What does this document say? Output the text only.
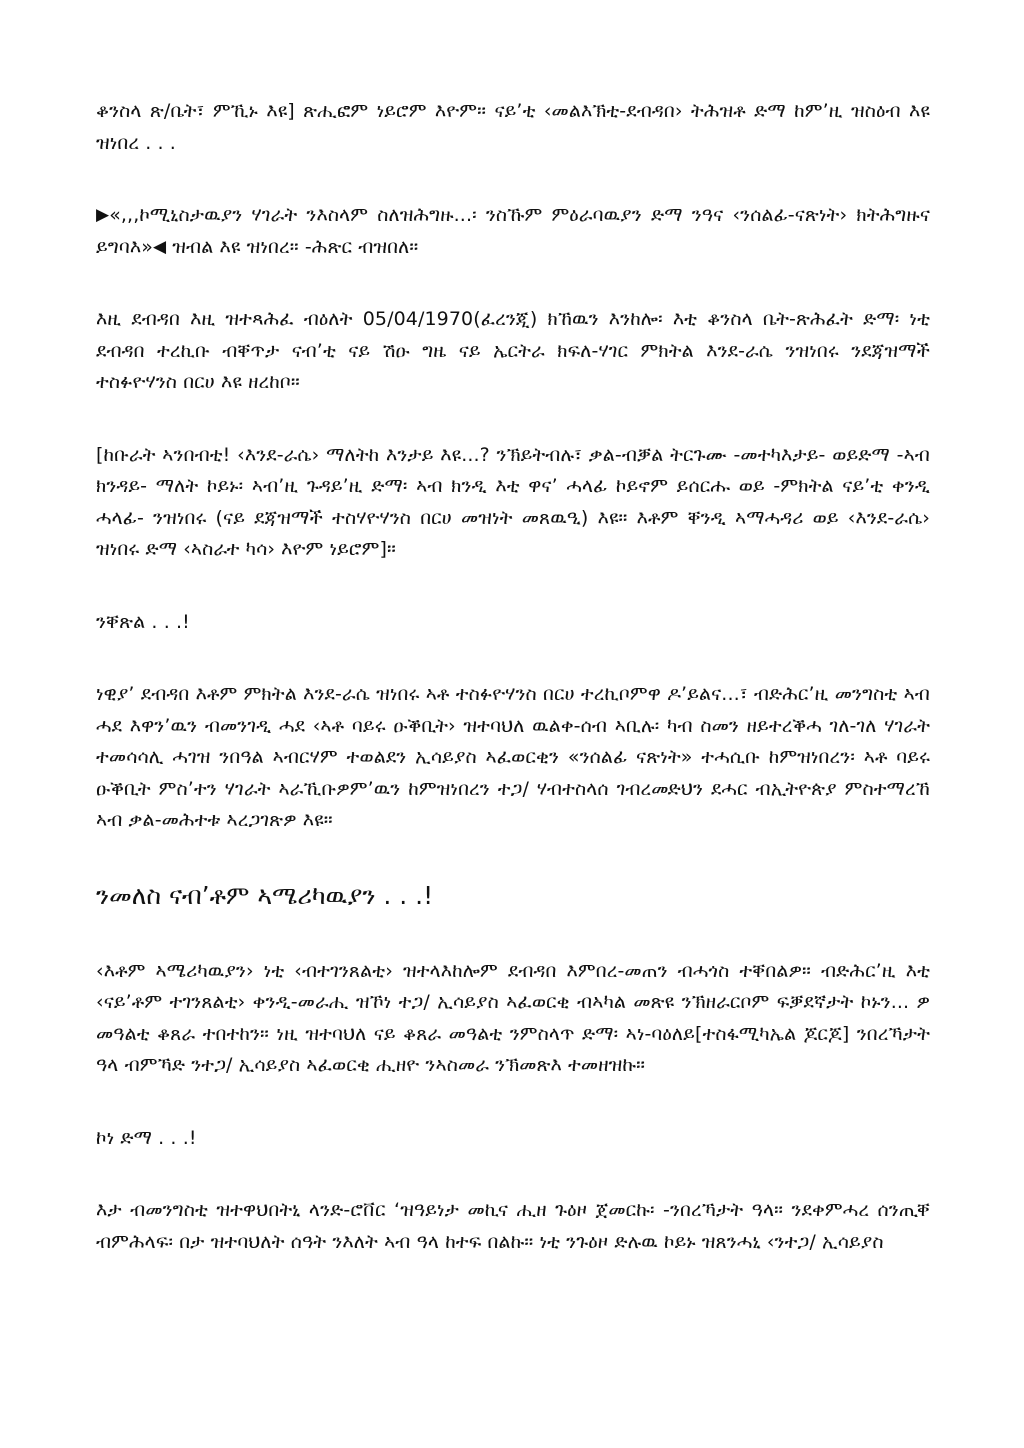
ቆንስላ ጽ/ቤት፣ ምኺኑ እዩ] ጽሒፎም ነይሮም እዮም። ናይ’ቲ ‹መልእኽቲ-ደብዳበ› ትሕዝቶ ድማ ከም’ዚ ዝስዕብ እዩ ዝነበረ . . .

▶«,,,ኮሚኒስታዉያን ሃገራት ንእስላም ስለዝሕግዙ...፡ ንስኹም ምዕራባዉያን ድማ ንዓና ‹ንሰልፊ-ናጽነት› ክትሕግዙና ይግባእ»◀ ዝብል እዩ ዝነበረ። -ሕጽር ብዝበለ።

እዚ ደብዳበ እዚ ዝተጻሕፈ ብዕለት 05/04/1970(ፈረንጂ) ክኸዉን እንከሎ፡ እቲ ቆንስላ ቤት-ጽሕፈት ድማ፡ ነቲ ደብዳበ ተረኪቡ ብቐጥታ ናብ’ቲ ናይ ሽዑ ግዜ ናይ ኤርትራ ክፍለ-ሃገር ምክትል እንደ-ራሴ ንዝነበሩ ንደጃዝማች ተስፉዮሃንስ በርሀ እዩ ዘረከቦ።

[ከቡራት ኣንበብቲ! ‹እንደ-ራሴ› ማለትከ እንታይ እዩ...? ንኽይትብሉ፣ ቃል-ብቓል ትርጉሙ -መተካእታይ- ወይድማ -ኣብ ክንዳይ- ማለት ኮይኑ፡ ኣብ’ዚ ጉዳይ’ዚ ድማ፡ ኣብ ክንዲ እቲ ዋና’ ሓላፊ ኮይኖም ይሰርሑ ወይ -ምክትል ናይ’ቲ ቀንዲ ሓላፊ- ንዝነበሩ (ናይ ደጃዝማች ተስሃዮሃንስ በርሀ መዝነት መጸዉዒ) እዩ። እቶም ቐንዲ ኣማሓዳሪ ወይ ‹እንደ-ራሴ› ዝነበሩ ድማ ‹ኣስራተ ካሳ› እዮም ነይሮም]።

ንቐጽል . . .!

ነዊያ’ ደብዳበ እቶም ምክትል እንደ-ራሴ ዝነበሩ ኣቶ ተስፉዮሃንስ በርሀ ተረኪቦምዋ ዶ’ይልና...፣ ብድሕር’ዚ መንግስቲ ኣብ ሓደ እዋን’ዉን ብመንገዲ ሓደ ‹ኣቶ ባይሩ ዑቕቢት› ዝተባህለ ዉልቀ-ሰብ ኣቢሉ፡ ካብ ስመን ዘይተረቕሓ ገለ-ገለ ሃገራት ተመሳሳሊ ሓገዝ ንበዓል ኣብርሃም ተወልደን ኢሳይያስ ኣፈወርቂን «ንሰልፊ ናጽነት» ተሓሲቡ ከምዝነበረን፡ ኣቶ ባይሩ ዑቕቢት ምስ’ተን ሃገራት ኣራኺቡዎም’ዉን ከምዝነበረን ተጋ/ ሃብተስላሰ ገብረመድህን ደሓር ብኢትዮጵያ ምስተማረኸ ኣብ ቃል-መሕተቱ ኣረጋገጽዎ እዩ።

ንመለስ ናብ’ቶም ኣሜሪካዉያን . . .!

‹እቶም ኣሜሪካዉያን› ነቲ ‹ብተገንጸልቲ› ዝተላእከሎም ደብዳበ እምበረ-መጠን ብሓጎስ ተቐበልዎ። ብድሕር’ዚ እቲ ‹ናይ’ቶም ተገንጸልቲ› ቀንዲ-መራሒ ዝኾነ ተጋ/ ኢሳይያስ ኣፈወርቂ ብኣካል መጽዩ ንኽዘራርቦም ፍቓደኛታት ኮኑን... ዎ መዓልቲ ቆጸራ ተበተከን። ነዚ ዝተባህለ ናይ ቆጸራ መዓልቲ ንምስላጥ ድማ፡ ኣነ-ባዕለይ[ተስፋሚካኤል ጆርጆ] ንበረኻታት ዓላ ብምኻድ ንተጋ/ ኢሳይያስ ኣፈወርቂ ሒዘዮ ንኣስመራ ንኽመጽእ ተመዘዝኩ።

ኮነ ድማ . . .!

እታ ብመንግስቲ ዝተዋህበትኒ ላንድ-ሮቨር ‘ዝዓይነታ መኪና ሒዘ ጉዕዞ ጀመርኩ፡ -ንበረኻታት ዓላ። ንደቀምሓረ ሰንጢቐ ብምሕላፍ፡ በታ ዝተባህለት ሰዓት ንእለት ኣብ ዓላ ከተፍ በልኩ። ነቲ ንጉዕዞ ድሉዉ ኮይኑ ዝጸንሓኒ ‹ንተጋ/ ኢሳይያስ
